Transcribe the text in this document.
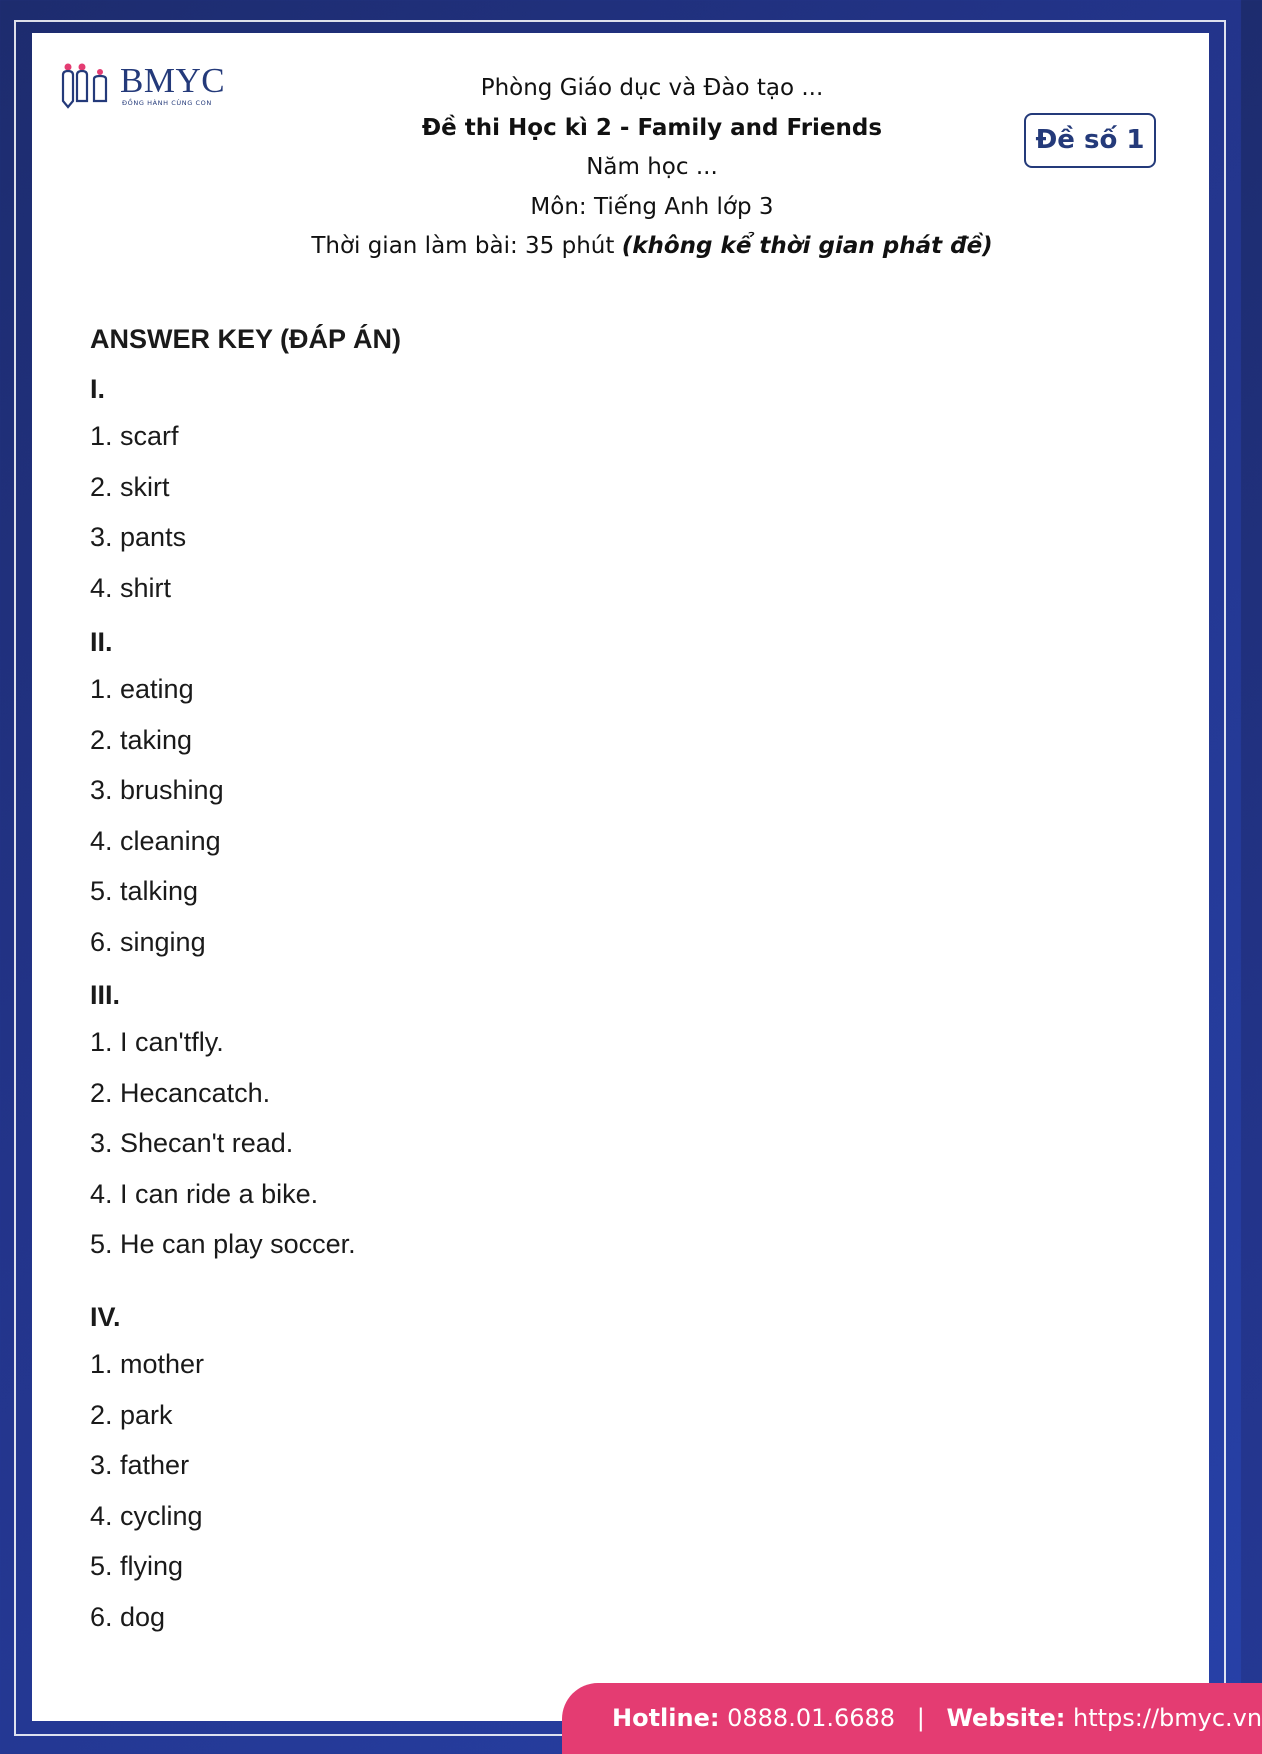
BMYC
ĐỒNG HÀNH CÙNG CON
Phòng Giáo dục và Đào tạo ...
Đề thi Học kì 2 - Family and Friends
Năm học ...
Môn: Tiếng Anh lớp 3
Thời gian làm bài: 35 phút (không kể thời gian phát đề)
Đề số 1
ANSWER KEY (ĐÁP ÁN)
I.
1. scarf
2. skirt
3. pants
4. shirt
II.
1. eating
2. taking
3. brushing
4. cleaning
5. talking
6. singing
III.
1. I can'tfly.
2. Hecancatch.
3. Shecan't read.
4. I can ride a bike.
5. He can play soccer.
IV.
1. mother
2. park
3. father
4. cycling
5. flying
6. dog
Hotline: 0888.01.6688 | Website: https://bmyc.vn
